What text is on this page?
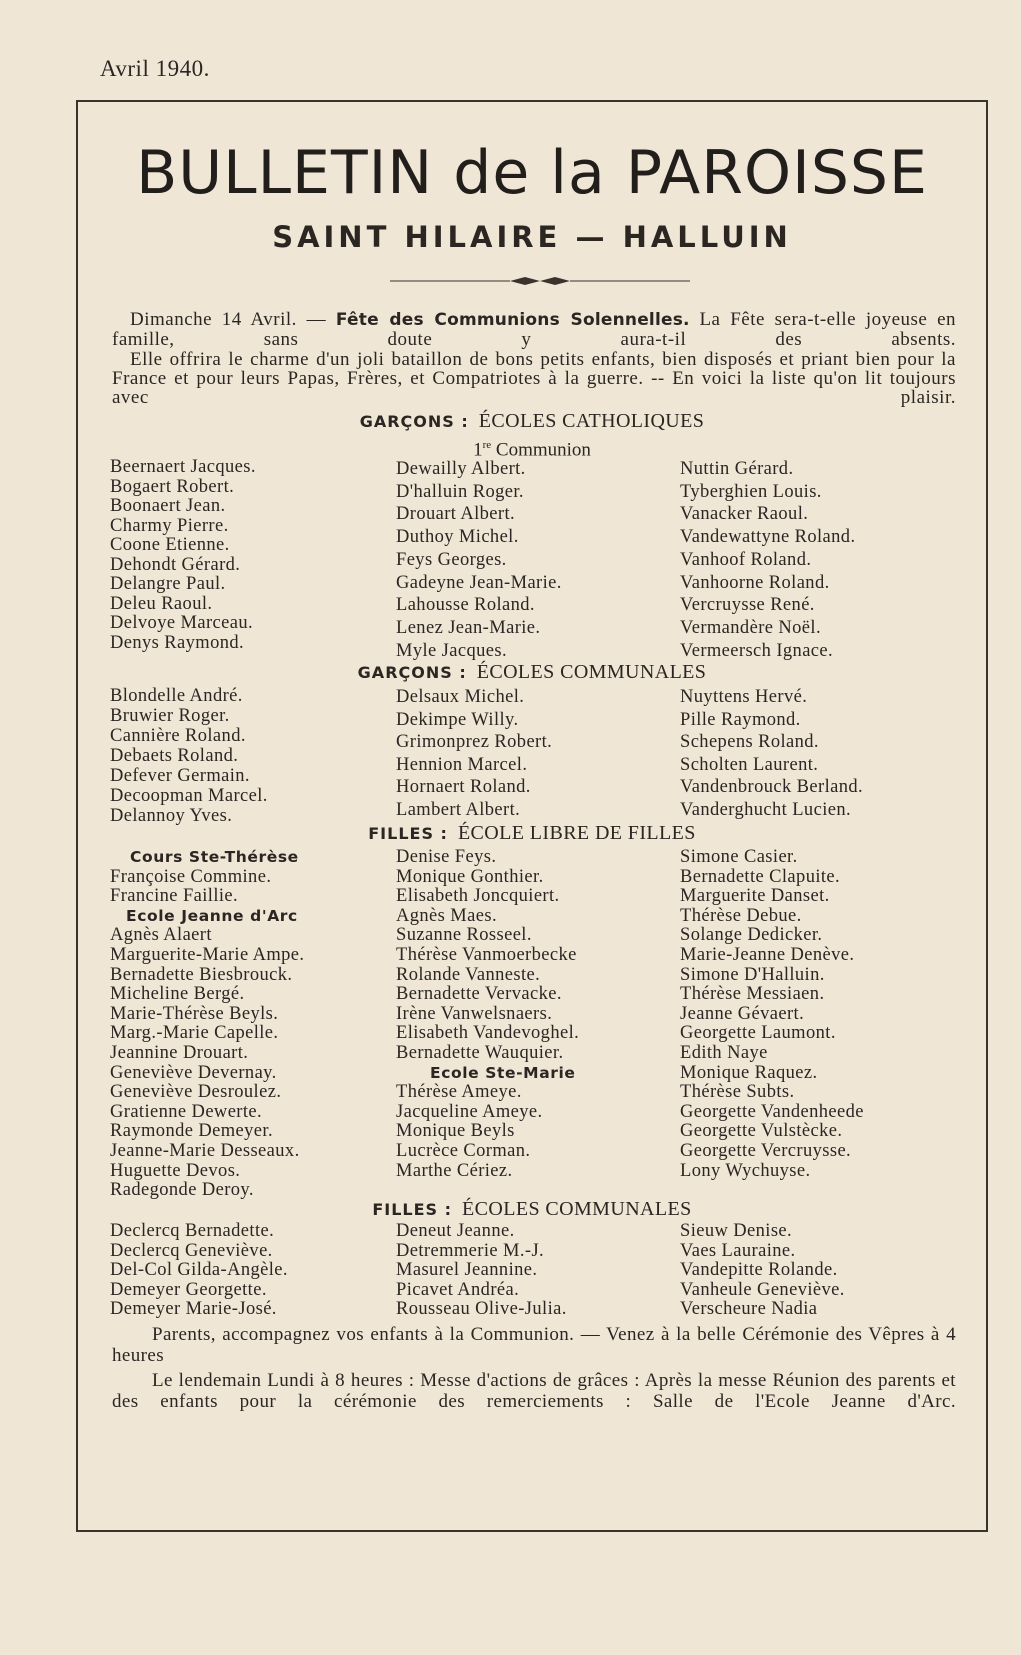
Avril 1940.
BULLETIN de la PAROISSE
SAINT HILAIRE — HALLUIN

Dimanche 14 Avril. — Fête des Communions Solennelles. La Fête sera-t-elle joyeuse en famille, sans doute y aura-t-il des absents.

Elle offrira le charme d'un joli bataillon de bons petits enfants, bien disposés et priant bien pour la France et pour leurs Papas, Frères, et Compatriotes à la guerre. -- En voici la liste qu'on lit toujours avec plaisir.

GARÇONS : ÉCOLES CATHOLIQUES
1re Communion
Beernaert Jacques.
Bogaert Robert.
Boonaert Jean.
Charmy Pierre.
Coone Etienne.
Dehondt Gérard.
Delangre Paul.
Deleu Raoul.
Delvoye Marceau.
Denys Raymond.
Dewailly Albert.
D'halluin Roger.
Drouart Albert.
Duthoy Michel.
Feys Georges.
Gadeyne Jean-Marie.
Lahousse Roland.
Lenez Jean-Marie.
Myle Jacques.
Nuttin Gérard.
Tyberghien Louis.
Vanacker Raoul.
Vandewattyne Roland.
Vanhoof Roland.
Vanhoorne Roland.
Vercruysse René.
Vermandère Noël.
Vermeersch Ignace.
GARÇONS : ÉCOLES COMMUNALES
Blondelle André.
Bruwier Roger.
Cannière Roland.
Debaets Roland.
Defever Germain.
Decoopman Marcel.
Delannoy Yves.
Delsaux Michel.
Dekimpe Willy.
Grimonprez Robert.
Hennion Marcel.
Hornaert Roland.
Lambert Albert.
Nuyttens Hervé.
Pille Raymond.
Schepens Roland.
Scholten Laurent.
Vandenbrouck Berland.
Vanderghucht Lucien.
FILLES : ÉCOLE LIBRE DE FILLES
Cours Ste-Thérèse
Françoise Commine.
Francine Faillie.
Ecole Jeanne d'Arc
Agnès Alaert
Marguerite-Marie Ampe.
Bernadette Biesbrouck.
Micheline Bergé.
Marie-Thérèse Beyls.
Marg.-Marie Capelle.
Jeannine Drouart.
Geneviève Devernay.
Geneviève Desroulez.
Gratienne Dewerte.
Raymonde Demeyer.
Jeanne-Marie Desseaux.
Huguette Devos.
Radegonde Deroy.
Denise Feys.
Monique Gonthier.
Elisabeth Joncquiert.
Agnès Maes.
Suzanne Rosseel.
Thérèse Vanmoerbecke
Rolande Vanneste.
Bernadette Vervacke.
Irène Vanwelsnaers.
Elisabeth Vandevoghel.
Bernadette Wauquier.
Ecole Ste-Marie
Thérèse Ameye.
Jacqueline Ameye.
Monique Beyls
Lucrèce Corman.
Marthe Cériez.
Simone Casier.
Bernadette Clapuite.
Marguerite Danset.
Thérèse Debue.
Solange Dedicker.
Marie-Jeanne Denève.
Simone D'Halluin.
Thérèse Messiaen.
Jeanne Gévaert.
Georgette Laumont.
Edith Naye
Monique Raquez.
Thérèse Subts.
Georgette Vandenheede
Georgette Vulstècke.
Georgette Vercruysse.
Lony Wychuyse.
FILLES : ÉCOLES COMMUNALES
Declercq Bernadette.
Declercq Geneviève.
Del-Col Gilda-Angèle.
Demeyer Georgette.
Demeyer Marie-José.
Deneut Jeanne.
Detremmerie M.-J.
Masurel Jeannine.
Picavet Andréa.
Rousseau Olive-Julia.
Sieuw Denise.
Vaes Lauraine.
Vandepitte Rolande.
Vanheule Geneviève.
Verscheure Nadia

Parents, accompagnez vos enfants à la Communion. — Venez à la belle Cérémonie des Vêpres à 4 heures

Le lendemain Lundi à 8 heures : Messe d'actions de grâces : Après la messe Réunion des parents et des enfants pour la cérémonie des remerciements : Salle de l'Ecole Jeanne d'Arc.
